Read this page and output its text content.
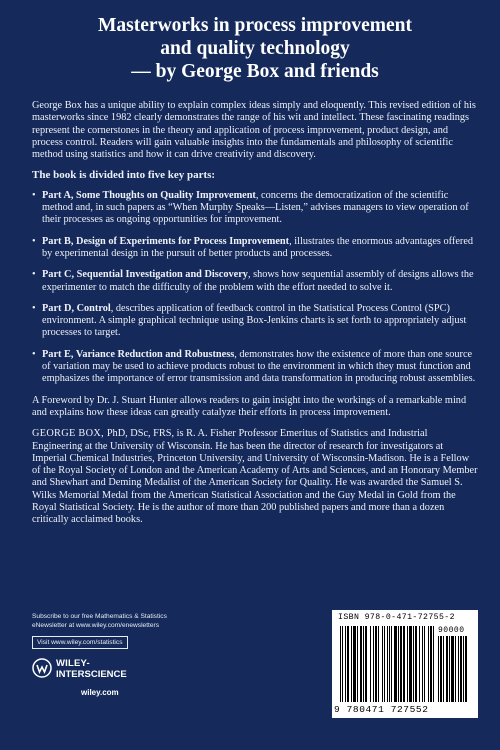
Masterworks in process improvement
and quality technology
— by George Box and friends

George Box has a unique ability to explain complex ideas simply and eloquently. This revised edition of his masterworks since 1982 clearly demonstrates the range of his wit and intellect. These fascinating readings represent the cornerstones in the theory and application of process improvement, product design, and process control. Readers will gain valuable insights into the fundamentals and philosophy of scientific method using statistics and how it can drive creativity and discovery.

The book is divided into five key parts:

• Part A, Some Thoughts on Quality Improvement, concerns the democratization of the scientific method and, in such papers as “When Murphy Speaks—Listen,” advises managers to view operation of their processes as ongoing opportunities for improvement.
• Part B, Design of Experiments for Process Improvement, illustrates the enormous advantages offered by experimental design in the pursuit of better products and processes.
• Part C, Sequential Investigation and Discovery, shows how sequential assembly of designs allows the experimenter to match the difficulty of the problem with the effort needed to solve it.
• Part D, Control, describes application of feedback control in the Statistical Process Control (SPC) environment. A simple graphical technique using Box-Jenkins charts is set forth to appropriately adjust processes to target.
• Part E, Variance Reduction and Robustness, demonstrates how the existence of more than one source of variation may be used to achieve products robust to the environment in which they must function and emphasizes the importance of error transmission and data transformation in producing robust assemblies.

A Foreword by Dr. J. Stuart Hunter allows readers to gain insight into the workings of a remarkable mind and explains how these ideas can greatly catalyze their efforts in process improvement.

GEORGE BOX, PhD, DSc, FRS, is R. A. Fisher Professor Emeritus of Statistics and Industrial Engineering at the University of Wisconsin. He has been the director of research for investigators at Imperial Chemical Industries, Princeton University, and University of Wisconsin-Madison. He is a Fellow of the Royal Society of London and the American Academy of Arts and Sciences, and an Honorary Member and Shewhart and Deming Medalist of the American Society for Quality. He was awarded the Samuel S. Wilks Memorial Medal from the American Statistical Association and the Guy Medal in Gold from the Royal Statistical Society. He is the author of more than 200 published papers and more than a dozen critically acclaimed books.

Subscribe to our free Mathematics & Statistics
eNewsletter at www.wiley.com/enewsletters
Visit www.wiley.com/statistics
WILEY-
INTERSCIENCE
wiley.com
ISBN 978-0-471-72755-2
90000
9 780471 727552
